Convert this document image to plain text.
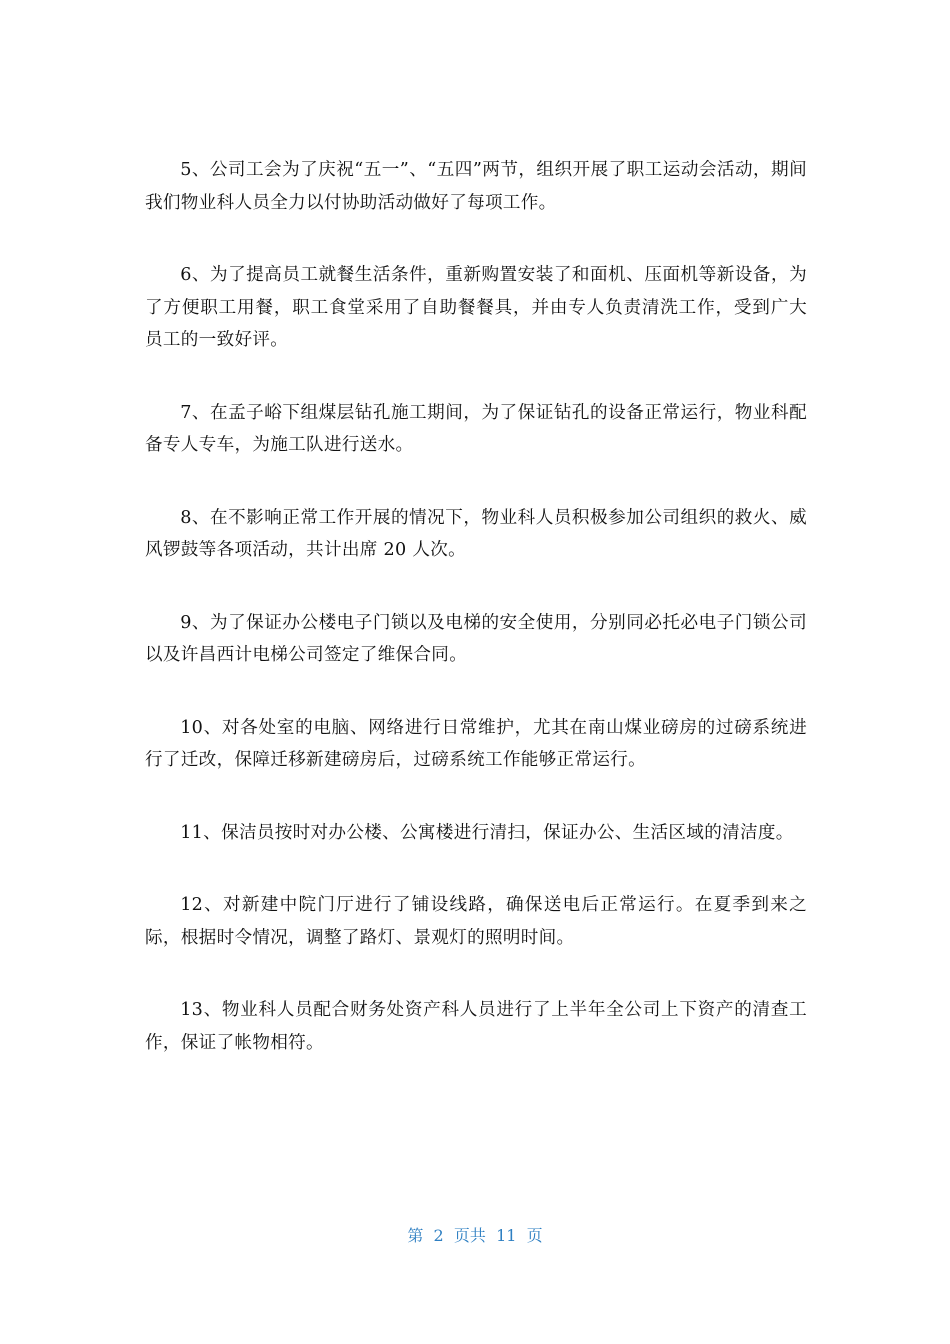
5、公司工会为了庆祝“五一”、“五四”两节，组织开展了职工运动会活动，期间我们物业科人员全力以付协助活动做好了每项工作。

6、为了提高员工就餐生活条件，重新购置安装了和面机、压面机等新设备，为了方便职工用餐，职工食堂采用了自助餐餐具，并由专人负责清洗工作，受到广大员工的一致好评。

7、在孟子峪下组煤层钻孔施工期间，为了保证钻孔的设备正常运行，物业科配备专人专车，为施工队进行送水。

8、在不影响正常工作开展的情况下，物业科人员积极参加公司组织的救火、威风锣鼓等各项活动，共计出席 20 人次。

9、为了保证办公楼电子门锁以及电梯的安全使用，分别同必托必电子门锁公司以及许昌西计电梯公司签定了维保合同。

10、对各处室的电脑、网络进行日常维护，尤其在南山煤业磅房的过磅系统进行了迁改，保障迁移新建磅房后，过磅系统工作能够正常运行。

11、保洁员按时对办公楼、公寓楼进行清扫，保证办公、生活区域的清洁度。

12、对新建中院门厅进行了铺设线路，确保送电后正常运行。在夏季到来之际，根据时令情况，调整了路灯、景观灯的照明时间。

13、物业科人员配合财务处资产科人员进行了上半年全公司上下资产的清查工作，保证了帐物相符。

第 2 页共 11 页
